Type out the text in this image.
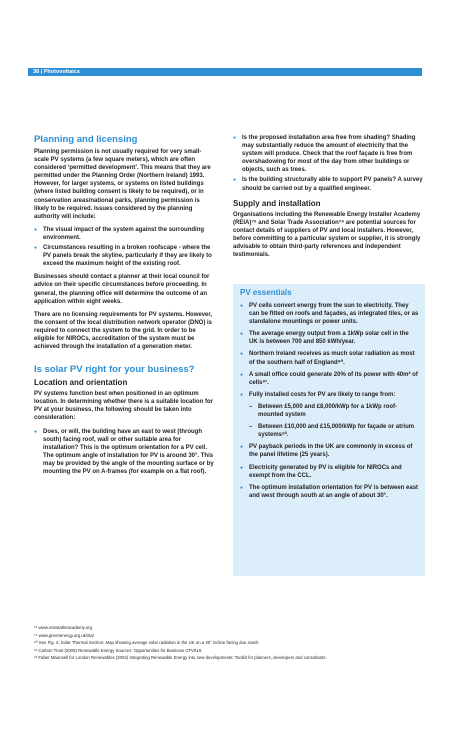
38 | Photovoltaics
Planning and licensing

Planning permission is not usually required for very small-scale PV systems (a few square meters), which are often considered ‘permitted development’. This means that they are permitted under the Planning Order (Northern Ireland) 1993. However, for larger systems, or systems on listed buildings (where listed building consent is likely to be required), or in conservation areas/national parks, planning permission is likely to be required. Issues considered by the planning authority will include:

● The visual impact of the system against the surrounding environment.
● Circumstances resulting in a broken roofscape - where the PV panels break the skyline, particularly if they are likely to exceed the maximum height of the existing roof.

Businesses should contact a planner at their local council for advice on their specific circumstances before proceeding. In general, the planning office will determine the outcome of an application within eight weeks.

There are no licensing requirements for PV systems. However, the consent of the local distribution network operator (DNO) is required to connect the system to the grid. In order to be eligible for NIROCs, accreditation of the system must be achieved through the installation of a generation meter.

Is solar PV right for your business?
Location and orientation

PV systems function best when positioned in an optimum location. In determining whether there is a suitable location for PV at your business, the following should be taken into consideration:

● Does, or will, the building have an east to west (through south) facing roof, wall or other suitable area for installation? This is the optimum orientation for a PV cell. The optimum angle of installation for PV is around 30°. This may be provided by the angle of the mounting surface or by mounting the PV on A-frames (for example on a flat roof).
● Is the proposed installation area free from shading? Shading may substantially reduce the amount of electricity that the system will produce. Check that the roof façade is free from overshadowing for most of the day from other buildings or objects, such as trees.
● Is the building structurally able to support PV panels? A survey should be carried out by a qualified engineer.
Supply and installation

Organisations including the Renewable Energy Installer Academy (REIA)⁷⁸ and Solar Trade Association⁷⁹ are potential sources for contact details of suppliers of PV and local installers. However, before committing to a particular system or supplier, it is strongly advisable to obtain third-party references and independent testimonials.

PV essentials
● PV cells convert energy from the sun to electricity. They can be fitted on roofs and façades, as integrated tiles, or as standalone mountings or power units.
● The average energy output from a 1kWp solar cell in the UK is between 700 and 850 kWh/year.
● Northern Ireland receives as much solar radiation as most of the southern half of England⁸⁰.
● A small office could generate 20% of its power with 40m² of cells⁸¹.
● Fully installed costs for PV are likely to range from:
– Between £5,000 and £8,000/kWp for a 1kWp roof-mounted system
– Between £10,000 and £15,000/kWp for façade or atrium systems⁸².
● PV payback periods in the UK are commonly in excess of the panel lifetime (25 years).
● Electricity generated by PV is eligible for NIROCs and exempt from the CCL.
● The optimum installation orientation for PV is between east and west through south at an angle of about 30°.
⁷⁸ www.reinstalleracademy.org
⁷⁹ www.greenenergy.org.uk/sta/
⁸⁰ See Fig. 4, Solar Thermal Section: Map showing average solar radiation in the UK on a 30° incline facing due south.
⁸¹ Carbon Trust (2005) Renewable Energy Sources: Opportunities for Business CTV010.
⁸² Faber Maunsell for London Renewables (2004) Integrating Renewable Energy into new developments: Toolkit for planners, developers and consultants
